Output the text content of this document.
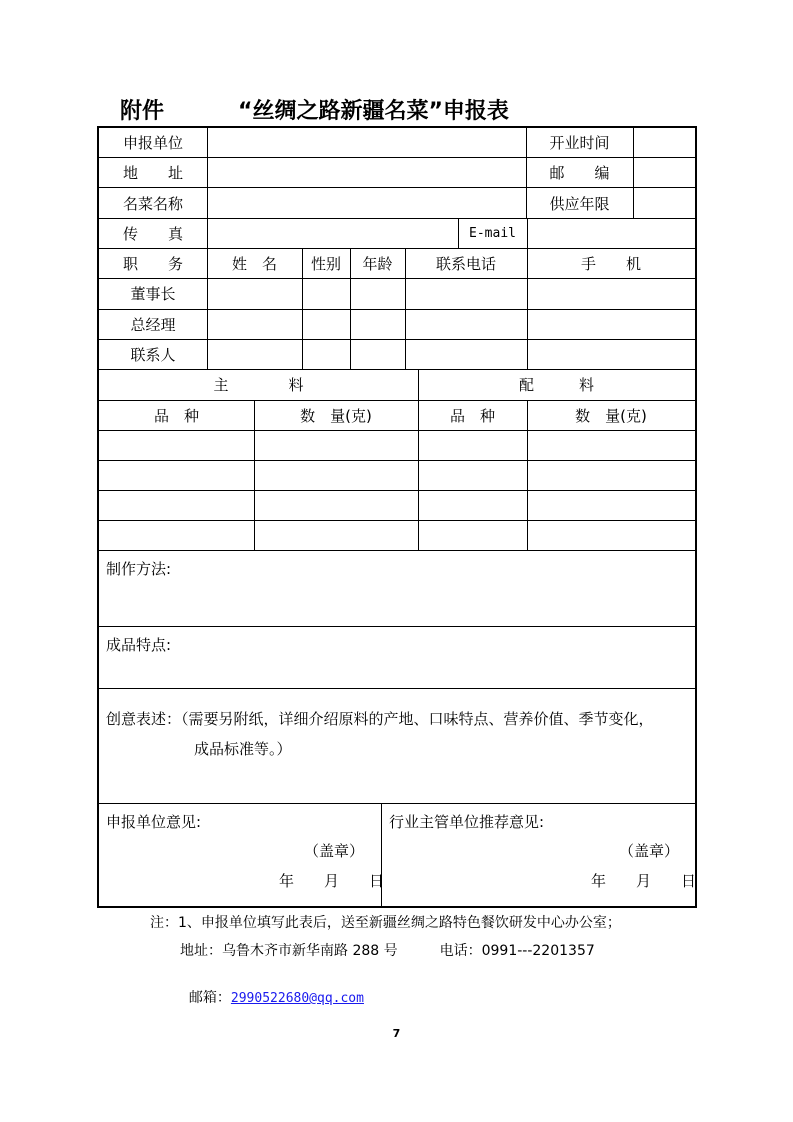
附件	“丝绸之路新疆名菜”申报表
申报单位	开业时间
地　　址	邮　　编
名菜名称	供应年限
传　　真	E-mail
职　　务	姓　名	性别	年龄	联系电话	手　　机
董事长
总经理
联系人
主　　　　料	配　　　料
品　种	数　量(克)	品　种	数　量(克)
制作方法:
成品特点:
创意表述：（需要另附纸，详细介绍原料的产地、口味特点、营养价值、季节变化，
成品标准等。）
申报单位意见:
（盖章）
年　　月　　日
行业主管单位推荐意见:
（盖章）
年　　月　　日
注：1、申报单位填写此表后，送至新疆丝绸之路特色餐饮研发中心办公室；
地址：乌鲁木齐市新华南路 288 号　　　电话：0991---2201357

邮箱：2990522680@qq.com

7
